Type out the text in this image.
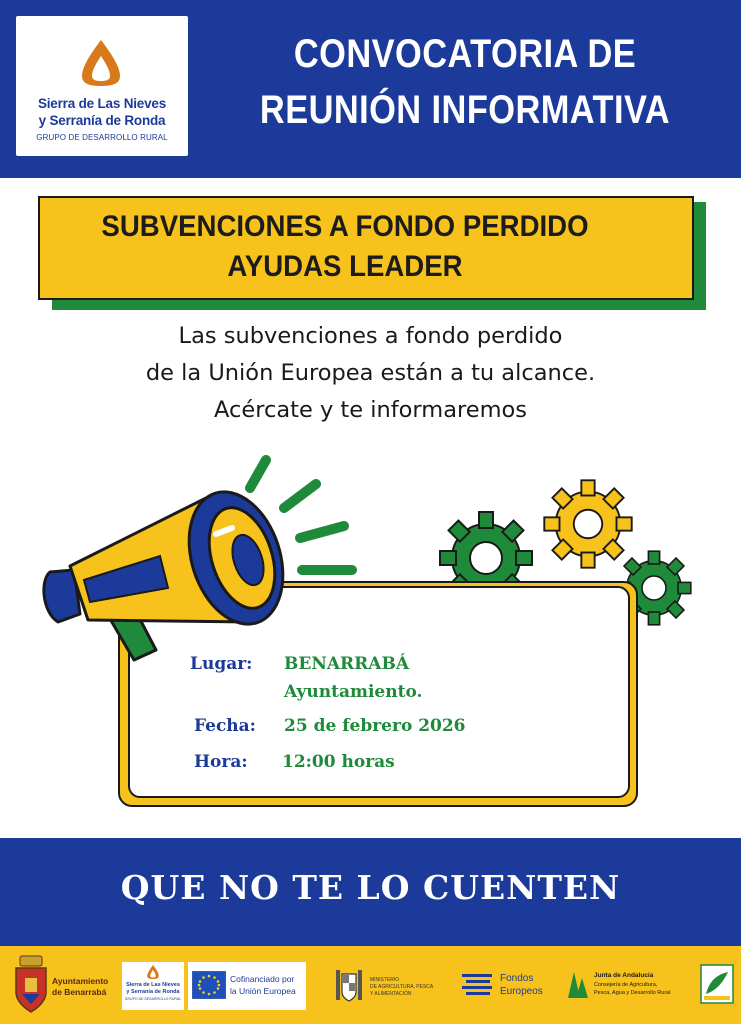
Sierra de Las Nieves
y Serranía de Ronda
GRUPO DE DESARROLLO RURAL
CONVOCATORIA DE
REUNIÓN INFORMATIVA
SUBVENCIONES A FONDO PERDIDO
AYUDAS LEADER
Las subvenciones a fondo perdido
de la Unión Europea están a tu alcance.
Acércate y te informaremos
Lugar: BENARRABÁ
Ayuntamiento.
Fecha: 25 de febrero 2026
Hora: 12:00 horas
QUE NO TE LO CUENTEN
Ayuntamiento
de Benarrabá
Sierra de Las Nieves
y Serranía de Ronda
GRUPO DE DESARROLLO RURAL
Cofinanciado por
la Unión Europea
MINISTERIO
DE AGRICULTURA, PESCA
Y ALIMENTACIÓN
Fondos
Europeos
Junta de Andalucía
Consejería de Agricultura,
Pesca, Agua y Desarrollo Rural
